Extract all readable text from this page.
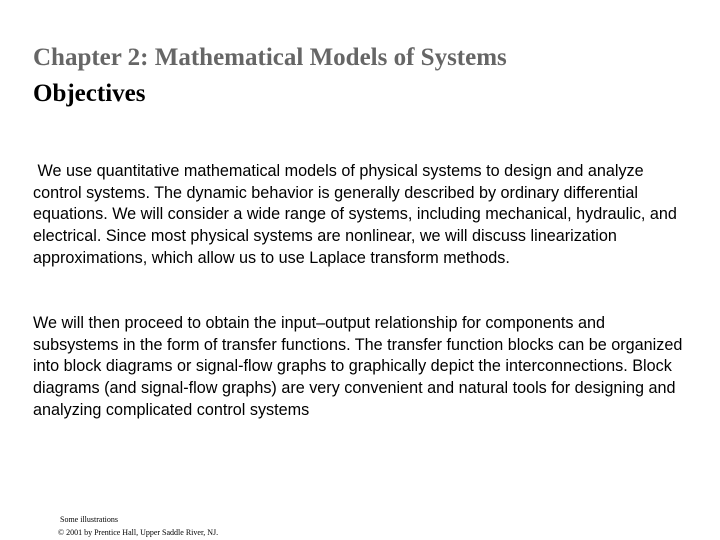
Chapter 2: Mathematical Models of Systems
Objectives
We use quantitative mathematical models of physical systems to design and analyze control systems. The dynamic behavior is generally described by ordinary differential equations. We will consider a wide range of systems, including mechanical, hydraulic, and electrical. Since most physical systems are nonlinear, we will discuss linearization approximations, which allow us to use Laplace transform methods.
We will then proceed to obtain the input–output relationship for components and subsystems in the form of transfer functions. The transfer function blocks can be organized into block diagrams or signal-flow graphs to graphically depict the interconnections. Block diagrams (and signal-flow graphs) are very convenient and natural tools for designing and analyzing complicated control systems
Some illustrations
© 2001 by Prentice Hall, Upper Saddle River, NJ.
